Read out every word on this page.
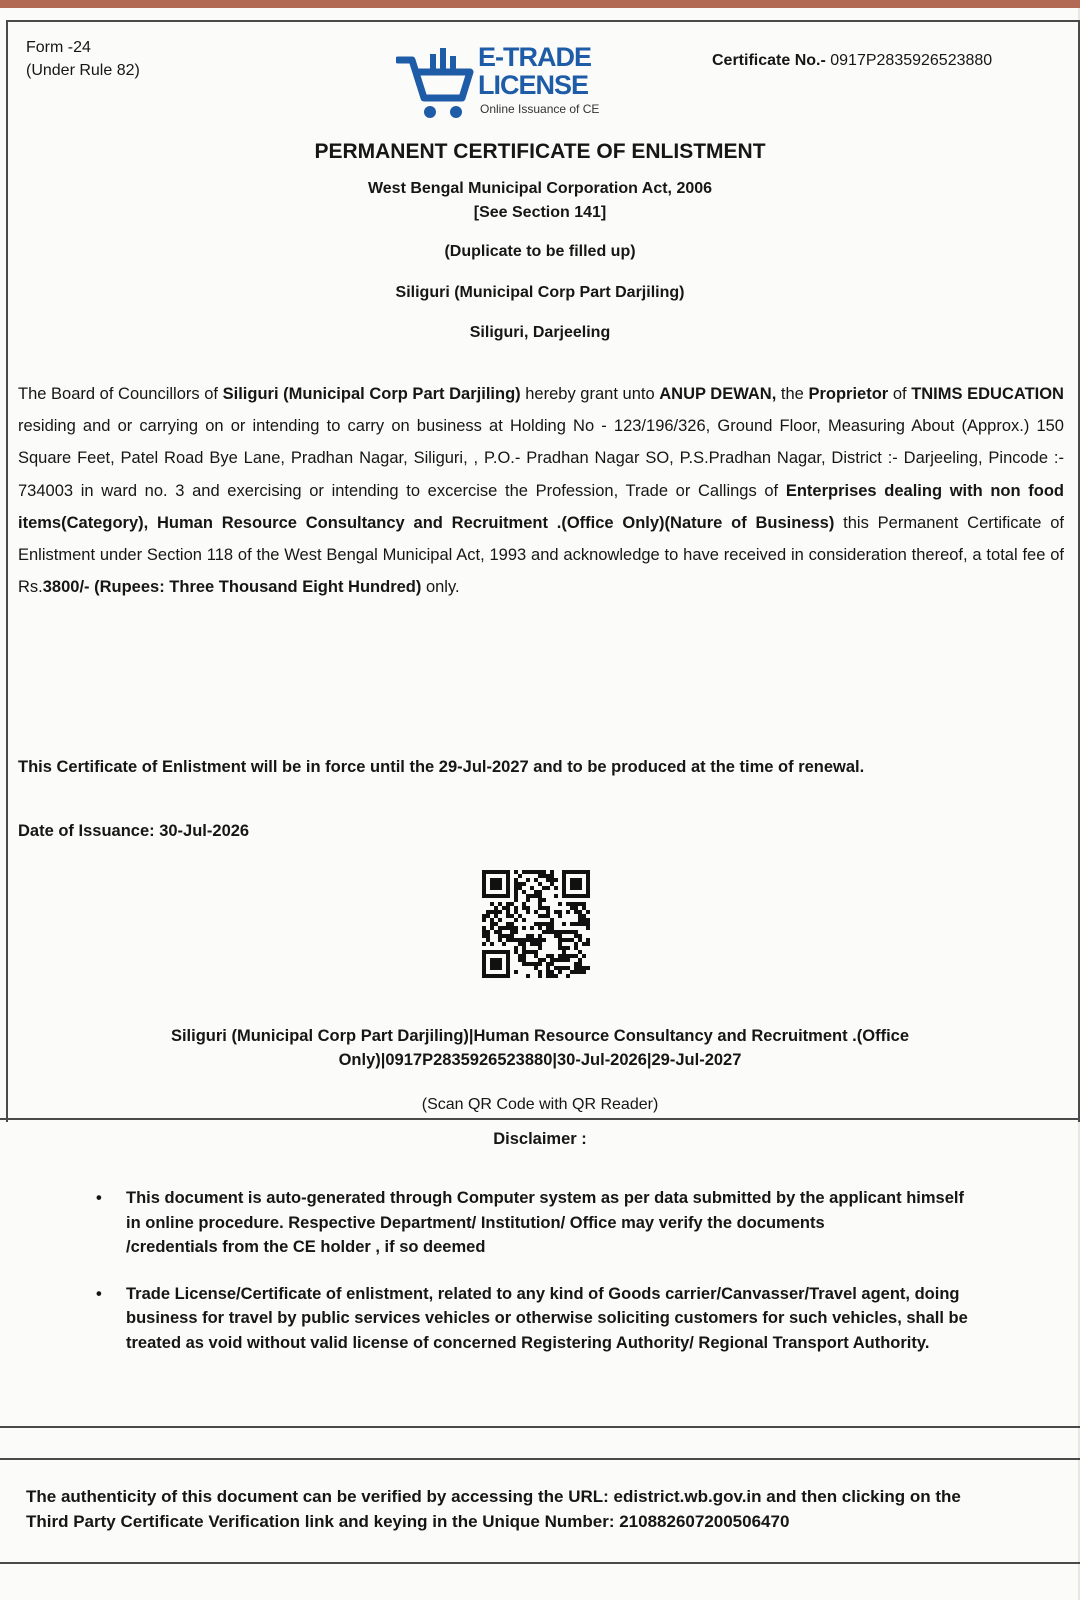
Form -24
(Under Rule 82)	E-TRADE
LICENSE
Online Issuance of CE
Certificate No.- 0917P2835926523880
PERMANENT CERTIFICATE OF ENLISTMENT
West Bengal Municipal Corporation Act, 2006
[See Section 141]
(Duplicate to be filled up)
Siliguri (Municipal Corp Part Darjiling)
Siliguri, Darjeeling
The Board of Councillors of Siliguri (Municipal Corp Part Darjiling) hereby grant unto ANUP DEWAN, the Proprietor of TNIMS EDUCATION residing and or carrying on or intending to carry on business at Holding No - 123/196/326, Ground Floor, Measuring About (Approx.) 150 Square Feet, Patel Road Bye Lane, Pradhan Nagar, Siliguri, , P.O.- Pradhan Nagar SO, P.S.Pradhan Nagar, District :- Darjeeling, Pincode :- 734003 in ward no. 3 and exercising or intending to excercise the Profession, Trade or Callings of Enterprises dealing with non food items(Category), Human Resource Consultancy and Recruitment .(Office Only)(Nature of Business) this Permanent Certificate of Enlistment under Section 118 of the West Bengal Municipal Act, 1993 and acknowledge to have received in consideration thereof, a total fee of Rs.3800/- (Rupees: Three Thousand Eight Hundred) only.
This Certificate of Enlistment will be in force until the 29-Jul-2027 and to be produced at the time of renewal.
Date of Issuance: 30-Jul-2026
Siliguri (Municipal Corp Part Darjiling)|Human Resource Consultancy and Recruitment .(Office
Only)|0917P2835926523880|30-Jul-2026|29-Jul-2027
(Scan QR Code with QR Reader)
Disclaimer :
• This document is auto-generated through Computer system as per data submitted by the applicant himself
in online procedure. Respective Department/ Institution/ Office may verify the documents
/credentials from the CE holder , if so deemed
• Trade License/Certificate of enlistment, related to any kind of Goods carrier/Canvasser/Travel agent, doing
business for travel by public services vehicles or otherwise soliciting customers for such vehicles, shall be
treated as void without valid license of concerned Registering Authority/ Regional Transport Authority.
The authenticity of this document can be verified by accessing the URL: edistrict.wb.gov.in and then clicking on the
Third Party Certificate Verification link and keying in the Unique Number: 210882607200506470
